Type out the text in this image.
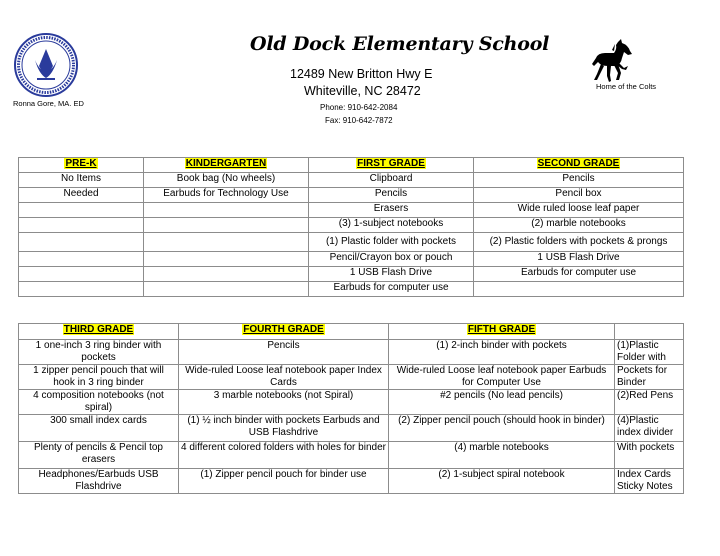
Ronna Gore, MA. ED
Old Dock Elementary School
12489 New Britton Hwy E
Whiteville, NC 28472
Phone: 910-642-2084
Fax: 910-642-7872
Home of the Colts
PRE-K	KINDERGARTEN	FIRST GRADE	SECOND GRADE
No Items	Book bag (No wheels)	Clipboard	Pencils
Needed	Earbuds for Technology Use	Pencils	Pencil box
		Erasers	Wide ruled loose leaf paper
		(3) 1-subject notebooks	(2) marble notebooks
		(1) Plastic folder with pockets	(2) Plastic folders with pockets & prongs
		Pencil/Crayon box or pouch	1 USB Flash Drive
		1 USB Flash Drive	Earbuds for computer use
		Earbuds for computer use	
THIRD GRADE	FOURTH GRADE	FIFTH GRADE	
1 one-inch 3 ring binder with pockets	Pencils	(1) 2-inch binder with pockets	(1)Plastic Folder with
1 zipper pencil pouch that will hook in 3 ring binder	Wide-ruled Loose leaf notebook paper Index Cards	Wide-ruled Loose leaf notebook paper Earbuds for Computer Use	Pockets for Binder
4 composition notebooks (not spiral)	3 marble notebooks (not Spiral)	#2 pencils (No lead pencils)	(2)Red Pens
300 small index cards	(1) ½ inch binder with pockets Earbuds and USB Flashdrive	(2) Zipper pencil pouch (should hook in binder)	(4)Plastic index divider
Plenty of pencils & Pencil top erasers	4 different colored folders with holes for binder	(4) marble notebooks	With pockets
Headphones/Earbuds USB Flashdrive	(1) Zipper pencil pouch for binder use	(2) 1-subject spiral notebook	Index Cards Sticky Notes
